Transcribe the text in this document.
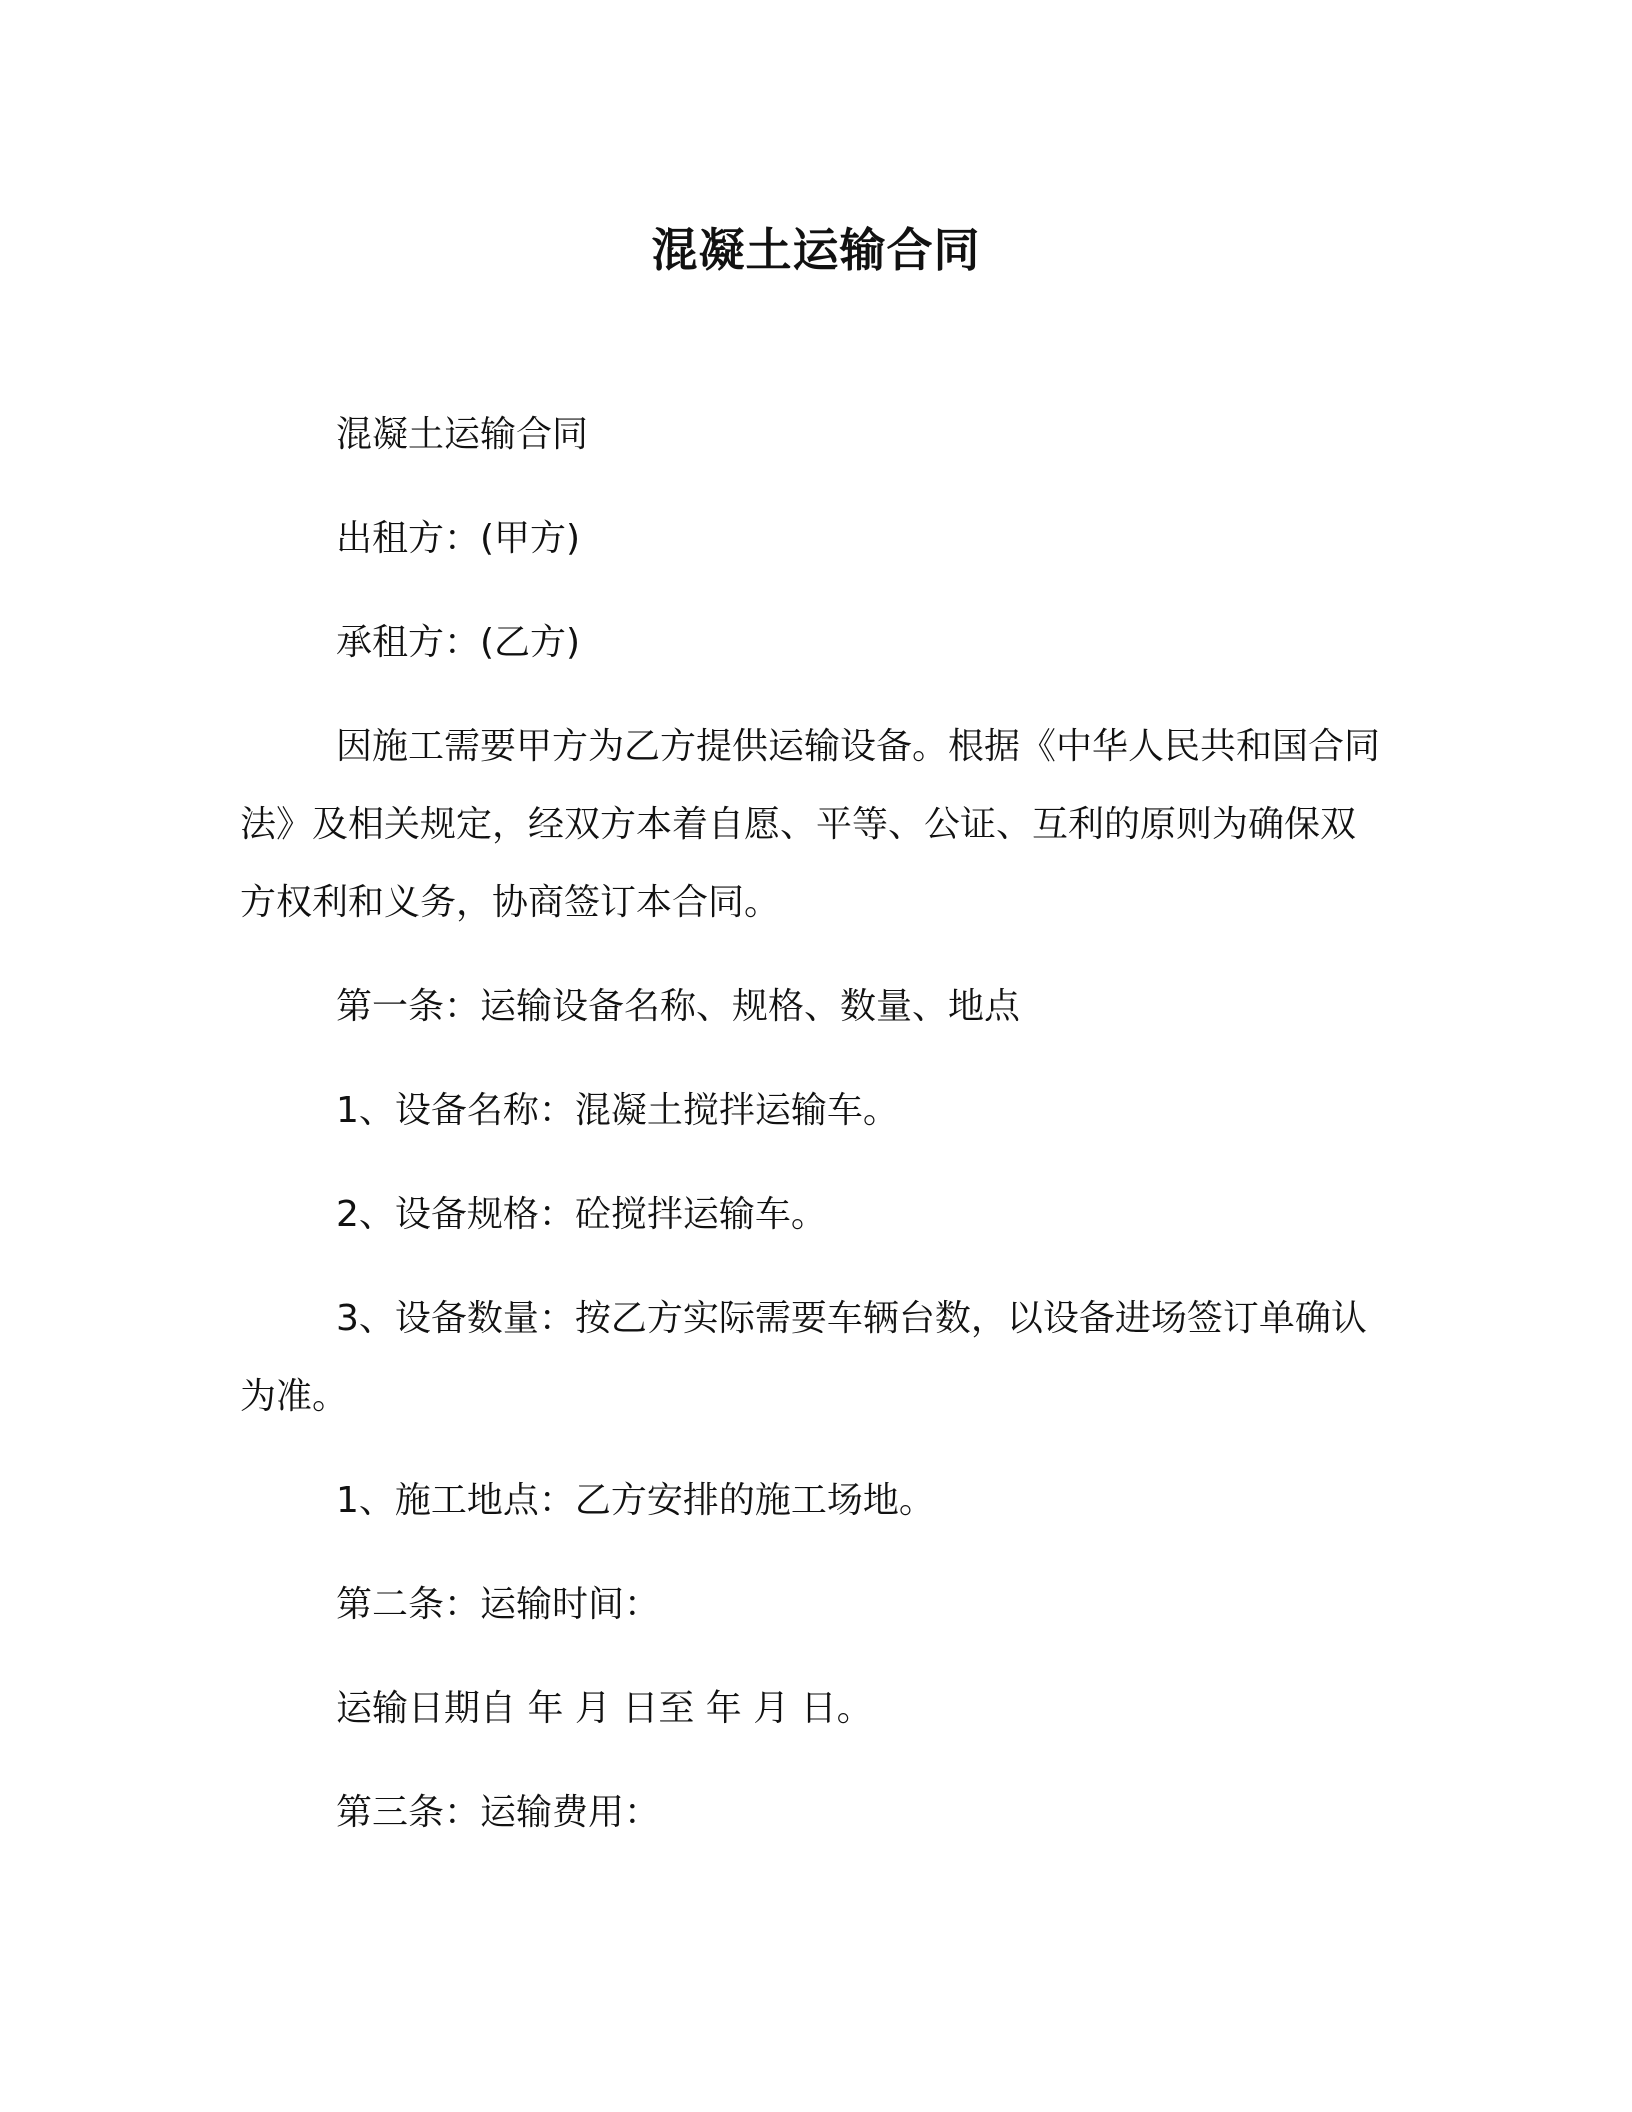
混凝土运输合同

混凝土运输合同

出租方：(甲方)

承租方：(乙方)

因施工需要甲方为乙方提供运输设备。根据《中华人民共和国合同法》及相关规定，经双方本着自愿、平等、公证、互利的原则为确保双方权利和义务，协商签订本合同。

第一条：运输设备名称、规格、数量、地点

1、设备名称：混凝土搅拌运输车。

2、设备规格：砼搅拌运输车。

3、设备数量：按乙方实际需要车辆台数，以设备进场签订单确认为准。

1、施工地点：乙方安排的施工场地。

第二条：运输时间：

运输日期自 年 月 日至 年 月 日。

第三条：运输费用：
